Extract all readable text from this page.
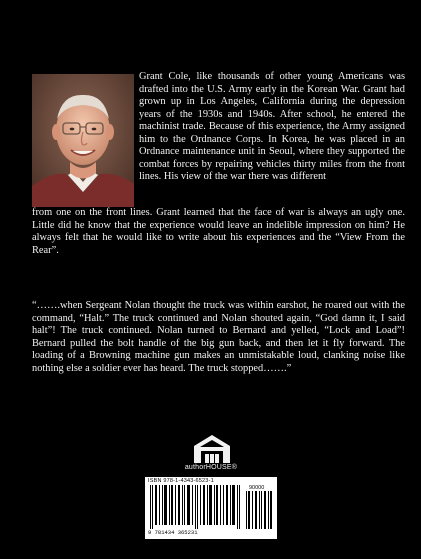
Grant Cole, like thousands of other young Americans was drafted into the U.S. Army early in the Korean War. Grant had grown up in Los Angeles, California during the depression years of the 1930s and 1940s. After school, he entered the machinist trade. Because of this experience, the Army assigned him to the Ordnance Corps. In Korea, he was placed in an Ordnance maintenance unit in Seoul, where they supported the combat forces by repairing vehicles thirty miles from the front lines. His view of the war there was different
from one on the front lines. Grant learned that the face of war is always an ugly one. Little did he know that the experience would leave an indelible impression on him? He always felt that he would like to write about his experiences and the “View From the Rear”.
“…….when Sergeant Nolan thought the truck was within earshot, he roared out with the command, “Halt.” The truck continued and Nolan shouted again, “God damn it, I said halt”! The truck continued. Nolan turned to Bernard and yelled, “Lock and Load”! Bernard pulled the bolt handle of the big gun back, and then let it fly forward. The loading of a Browning machine gun makes an unmistakable loud, clanking noise like nothing else a soldier ever has heard. The truck stopped…….”
authorHOUSE®
ISBN 978-1-4343-6523-1
90000
9 781434 365231
